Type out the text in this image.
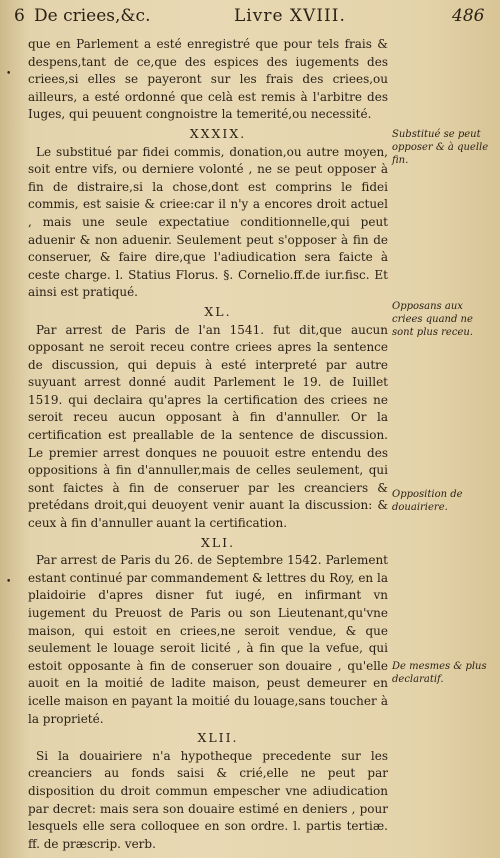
6 De criees,&c.	Livre XVIII.	486
•
•

que en Parlement a esté enregistré que pour tels frais & despens,tant de ce,que des espices des iugements des criees,si elles se payeront sur les frais des criees,ou ailleurs, a esté ordonné que celà est remis à l'arbitre des Iuges, qui peuuent congnoistre la temerité,ou necessité.

XXXIX.

Le substitué par fidei commis, donation,ou autre moyen, soit entre vifs, ou derniere volonté , ne se peut opposer à fin de distraire,si la chose,dont est comprins le fidei commis, est saisie & criee:car il n'y a encores droit actuel , mais une seule expectatiue conditionnelle,qui peut aduenir & non aduenir. Seulement peut s'opposer à fin de conseruer, & faire dire,que l'adiudication sera faicte à ceste charge. l. Statius Florus. §. Cornelio.ff.de iur.fisc. Et ainsi est pratiqué.

XL.

Par arrest de Paris de l'an 1541. fut dit,que aucun opposant ne seroit receu contre criees apres la sentence de discussion, qui depuis à esté interpreté par autre suyuant arrest donné audit Parlement le 19. de Iuillet 1519. qui declaira qu'apres la certification des criees ne seroit receu aucun opposant à fin d'annuller. Or la certification est preallable de la sentence de discussion. Le premier arrest donques ne pouuoit estre entendu des oppositions à fin d'annuller,mais de celles seulement, qui sont faictes à fin de conseruer par les creanciers & pretédans droit,qui deuoyent venir auant la discussion: & ceux à fin d'annuller auant la certification.

XLI.

Par arrest de Paris du 26. de Septembre 1542. Parlement estant continué par commandement & lettres du Roy, en la plaidoirie d'apres disner fut iugé, en infirmant vn iugement du Preuost de Paris ou son Lieutenant,qu'vne maison, qui estoit en criees,ne seroit vendue, & que seulement le louage seroit licité , à fin que la vefue, qui estoit opposante à fin de conseruer son douaire , qu'elle auoit en la moitié de ladite maison, peust demeurer en icelle maison en payant la moitié du louage,sans toucher à la proprieté.

XLII.

Si la douairiere n'a hypotheque precedente sur les creanciers au fonds saisi & crié,elle ne peut par disposition du droit commun empescher vne adiudication par decret: mais sera son douaire estimé en deniers , pour lesquels elle sera colloquee en son ordre. l. partis tertiæ. ff. de præscrip. verb.

Substitué se peut opposer & à quelle fin.
Opposans aux criees quand ne sont plus receu.
Opposition de douairiere.
De mesmes & plus declaratif.
